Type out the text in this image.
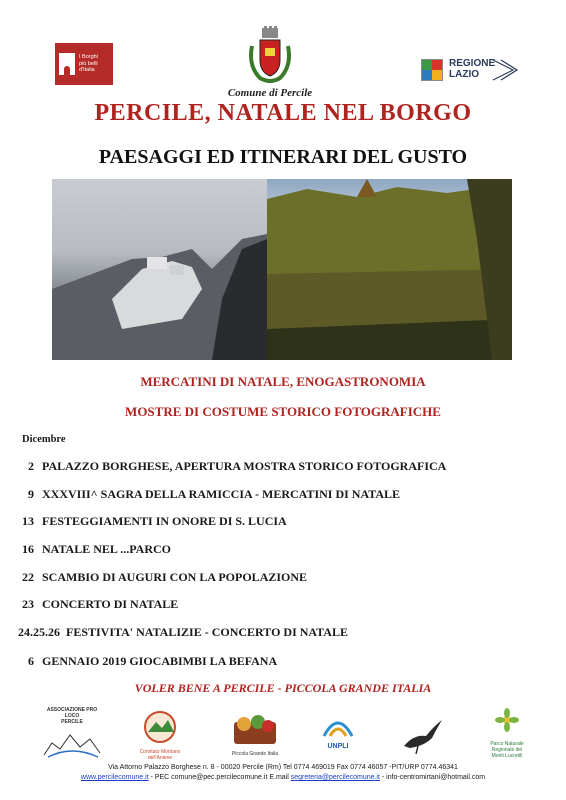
I Borghi
più belli
d'Italia
Comune di Percile
REGIONE
LAZIO
PERCILE, NATALE NEL BORGO
PAESAGGI ED ITINERARI DEL GUSTO
MERCATINI DI NATALE, ENOGASTRONOMIA
MOSTRE DI COSTUME STORICO FOTOGRAFICHE
Dicembre
2 PALAZZO BORGHESE, APERTURA MOSTRA STORICO FOTOGRAFICA
9 XXXVIII^ SAGRA DELLA RAMICCIA - MERCATINI DI NATALE
13 FESTEGGIAMENTI IN ONORE DI S. LUCIA
16 NATALE NEL ...PARCO
22 SCAMBIO DI AUGURI CON LA POPOLAZIONE
23 CONCERTO DI NATALE
24.25.26 FESTIVITA' NATALIZIE - CONCERTO DI NATALE
6 GENNAIO 2019 GIOCABIMBI LA BEFANA
VOLER BENE A PERCILE - PICCOLA GRANDE ITALIA
ASSOCIAZIONE PRO LOCO
PERCILE
Comitato Montano dell'Aniene
Piccola Grande Italia
UNPLI	Parco Naturale
Regionale dei
Monti Lucretili
Via Attorno Palazzo Borghese n. 8 - 00020 Percile (Rm) Tel 0774 469019 Fax 0774 46057 -PIT/URP 0774.46341
www.percilecomune.it - PEC comune@pec.percilecomune.it E.mail segreteria@percilecomune.it - info-centromirtani@hotmail.com
